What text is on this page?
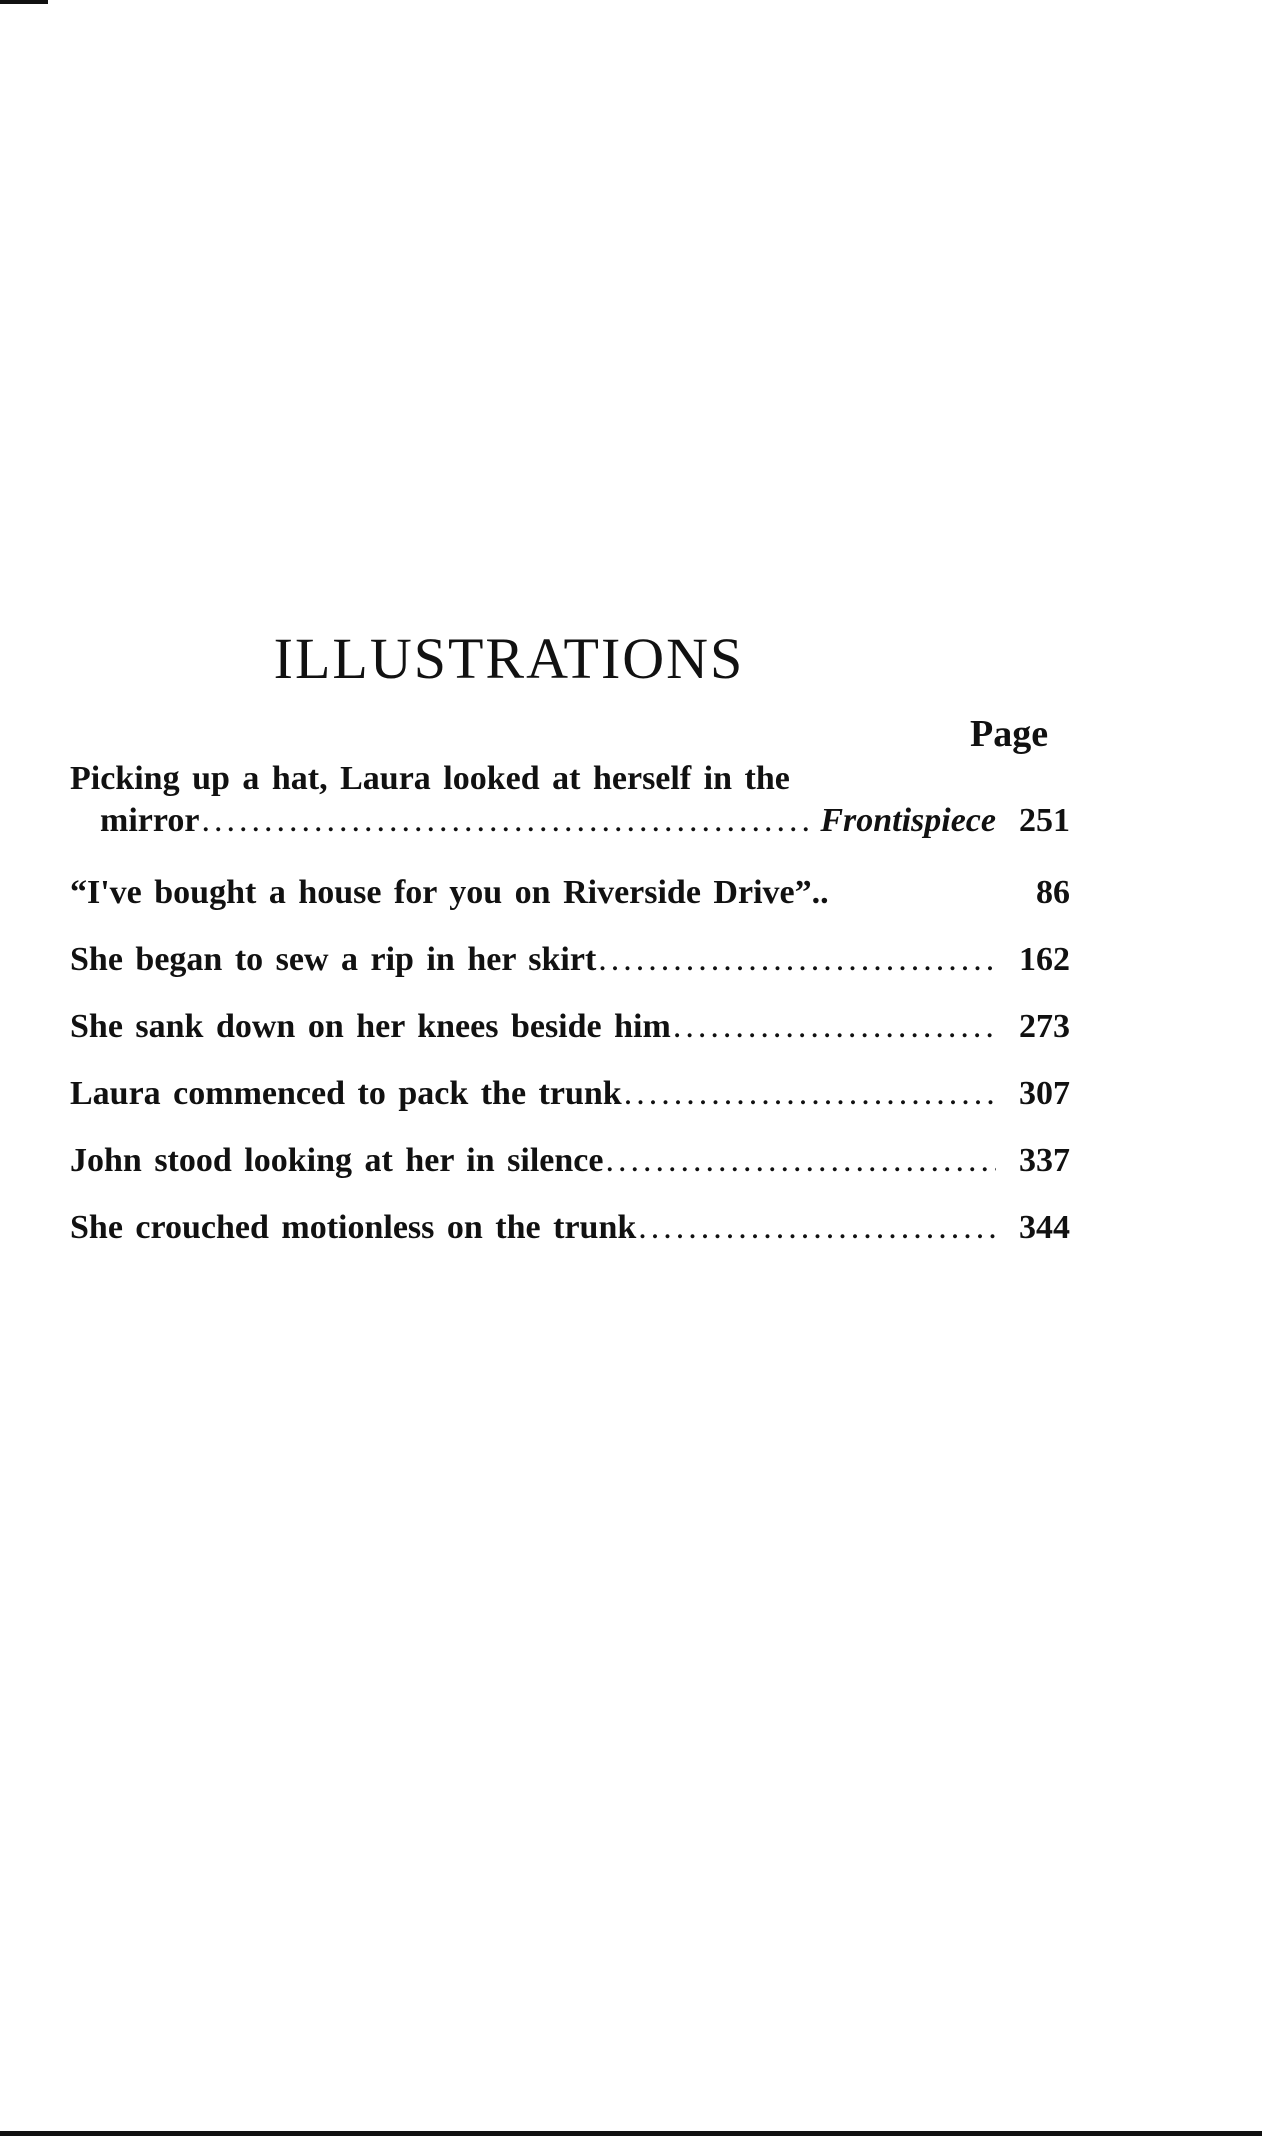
ILLUSTRATIONS
Page
Picking up a hat, Laura looked at herself in the
mirror .....	Frontispiece 251
“I've bought a house for you on Riverside Drive”..	86
She began to sew a rip in her skirt .....	162
She sank down on her knees beside him .....	273
Laura commenced to pack the trunk .....	307
John stood looking at her in silence .....	337
She crouched motionless on the trunk .....	344
